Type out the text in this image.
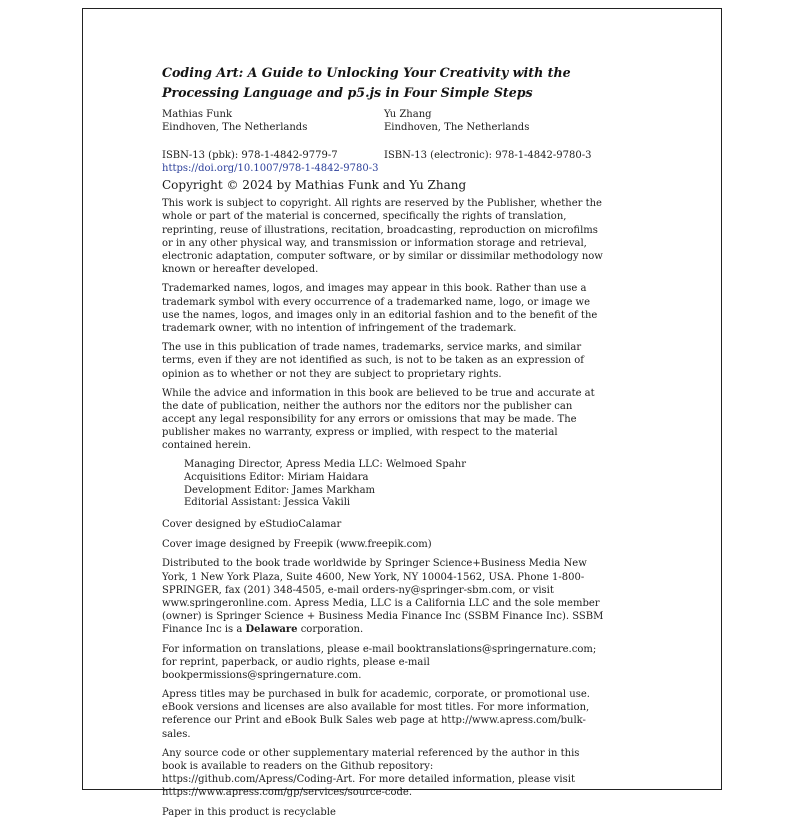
Coding Art: A Guide to Unlocking Your Creativity with the Processing Language and p5.js in Four Simple Steps
Mathias Funk
Eindhoven, The Netherlands
Yu Zhang
Eindhoven, The Netherlands
ISBN-13 (pbk): 978-1-4842-9779-7	ISBN-13 (electronic): 978-1-4842-9780-3
https://doi.org/10.1007/978-1-4842-9780-3
Copyright © 2024 by Mathias Funk and Yu Zhang

This work is subject to copyright. All rights are reserved by the Publisher, whether the whole or part of the material is concerned, specifically the rights of translation, reprinting, reuse of illustrations, recitation, broadcasting, reproduction on microfilms or in any other physical way, and transmission or information storage and retrieval, electronic adaptation, computer software, or by similar or dissimilar methodology now known or hereafter developed.

Trademarked names, logos, and images may appear in this book. Rather than use a trademark symbol with every occurrence of a trademarked name, logo, or image we use the names, logos, and images only in an editorial fashion and to the benefit of the trademark owner, with no intention of infringement of the trademark.

The use in this publication of trade names, trademarks, service marks, and similar terms, even if they are not identified as such, is not to be taken as an expression of opinion as to whether or not they are subject to proprietary rights.

While the advice and information in this book are believed to be true and accurate at the date of publication, neither the authors nor the editors nor the publisher can accept any legal responsibility for any errors or omissions that may be made. The publisher makes no warranty, express or implied, with respect to the material contained herein.

Managing Director, Apress Media LLC: Welmoed Spahr
Acquisitions Editor: Miriam Haidara
Development Editor: James Markham
Editorial Assistant: Jessica Vakili

Cover designed by eStudioCalamar

Cover image designed by Freepik (www.freepik.com)

Distributed to the book trade worldwide by Springer Science+Business Media New York, 1 New York Plaza, Suite 4600, New York, NY 10004-1562, USA. Phone 1-800-SPRINGER, fax (201) 348-4505, e-mail orders-ny@springer-sbm.com, or visit www.springeronline.com. Apress Media, LLC is a California LLC and the sole member (owner) is Springer Science + Business Media Finance Inc (SSBM Finance Inc). SSBM Finance Inc is a Delaware corporation.

For information on translations, please e-mail booktranslations@springernature.com; for reprint, paperback, or audio rights, please e-mail bookpermissions@springernature.com.

Apress titles may be purchased in bulk for academic, corporate, or promotional use. eBook versions and licenses are also available for most titles. For more information, reference our Print and eBook Bulk Sales web page at http://www.apress.com/bulk-sales.

Any source code or other supplementary material referenced by the author in this book is available to readers on the Github repository: https://github.com/Apress/Coding-Art. For more detailed information, please visit https://www.apress.com/gp/services/source-code.

Paper in this product is recyclable
